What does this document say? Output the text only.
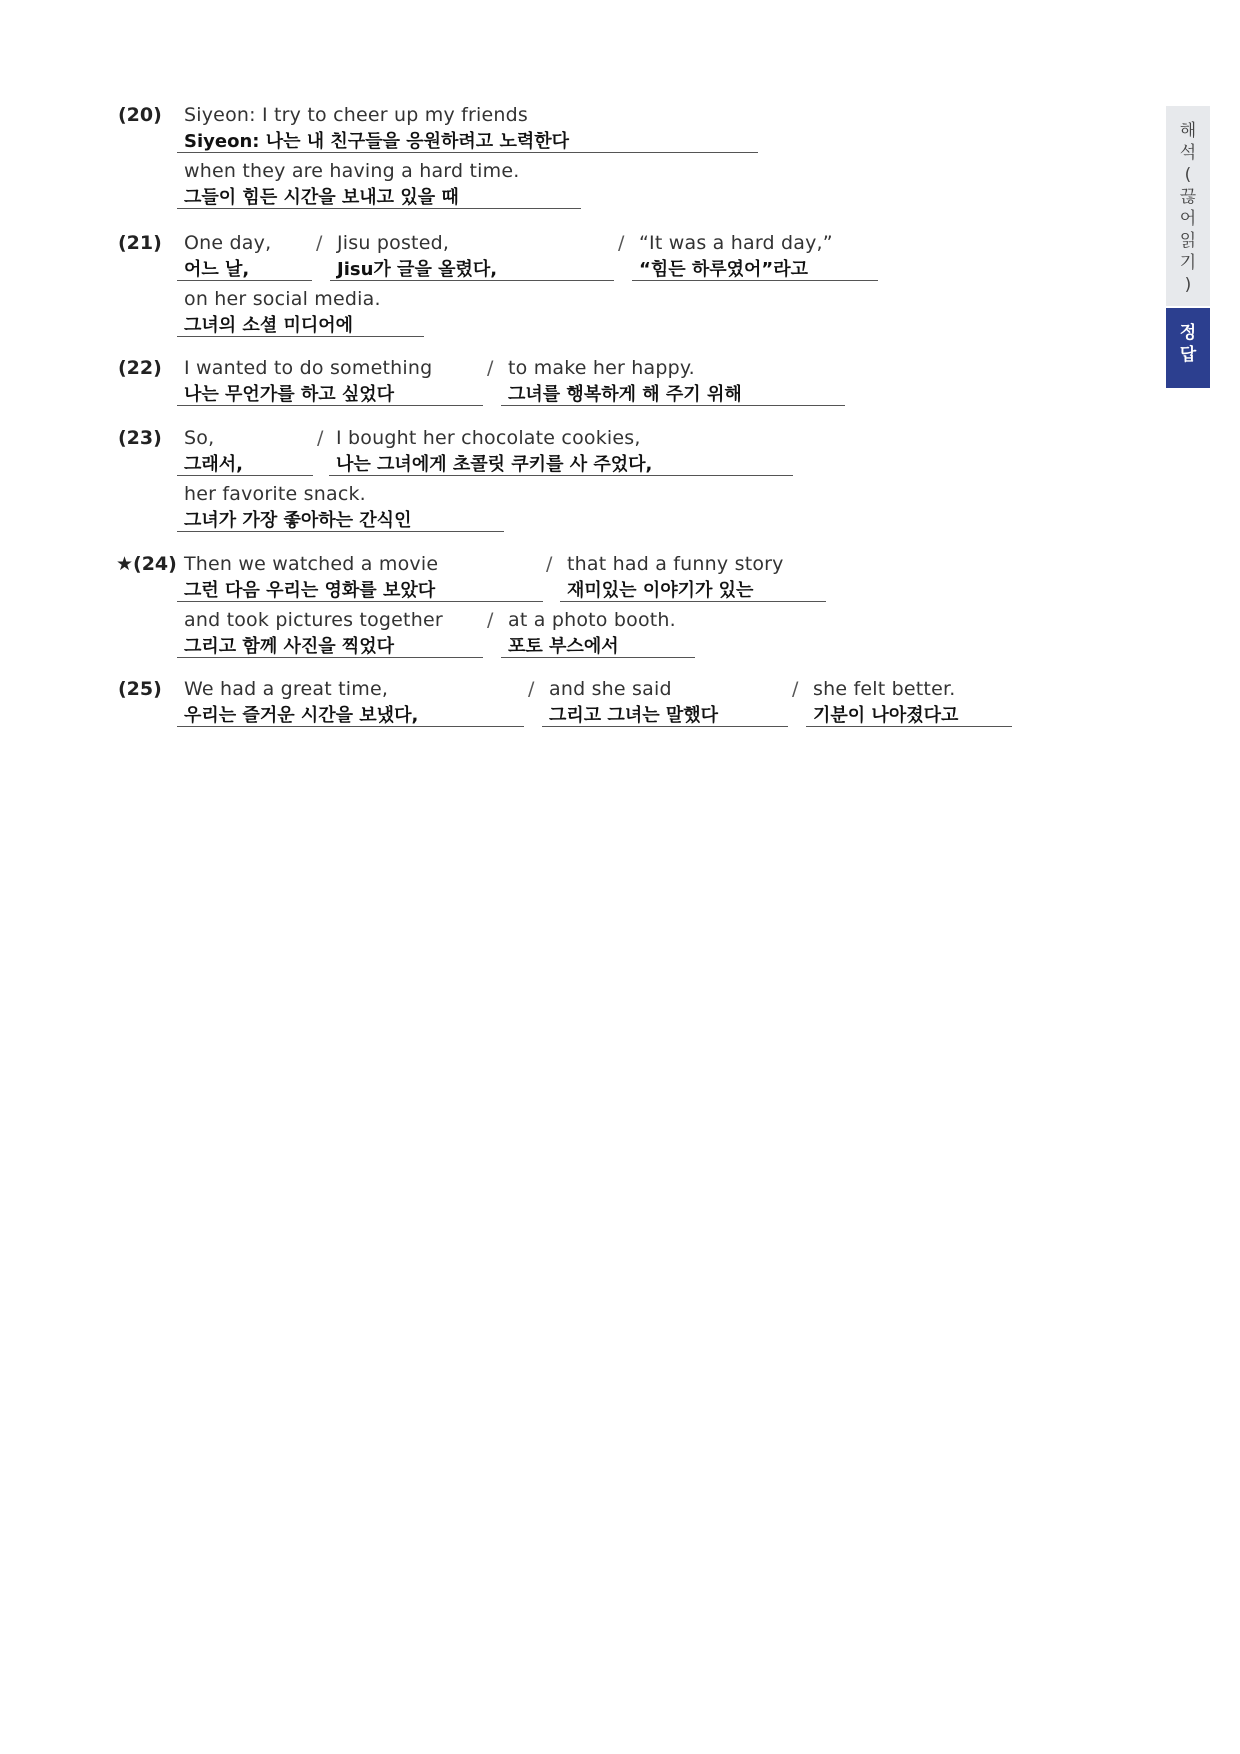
(20) Siyeon: I try to cheer up my friends
Siyeon: 나는 내 친구들을 응원하려고 노력한다
when they are having a hard time.
그들이 힘든 시간을 보내고 있을 때
(21) One day,
어느 날,
/ Jisu posted,
Jisu가 글을 올렸다,
/ “It was a hard day,”
“힘든 하루였어”라고
on her social media.
그녀의 소셜 미디어에
(22) I wanted to do something
나는 무언가를 하고 싶었다
/ to make her happy.
그녀를 행복하게 해 주기 위해
(23) So,
그래서,
/ I bought her chocolate cookies,
나는 그녀에게 초콜릿 쿠키를 사 주었다,
her favorite snack.
그녀가 가장 좋아하는 간식인
★(24) Then we watched a movie
그런 다음 우리는 영화를 보았다
/ that had a funny story
재미있는 이야기가 있는
and took pictures together
그리고 함께 사진을 찍었다
/ at a photo booth.
포토 부스에서
(25) We had a great time,
우리는 즐거운 시간을 보냈다,
/ and she said
그리고 그녀는 말했다
/ she felt better.
기분이 나아졌다고
해
석
(
끊
어
읽
기
)
정
답
